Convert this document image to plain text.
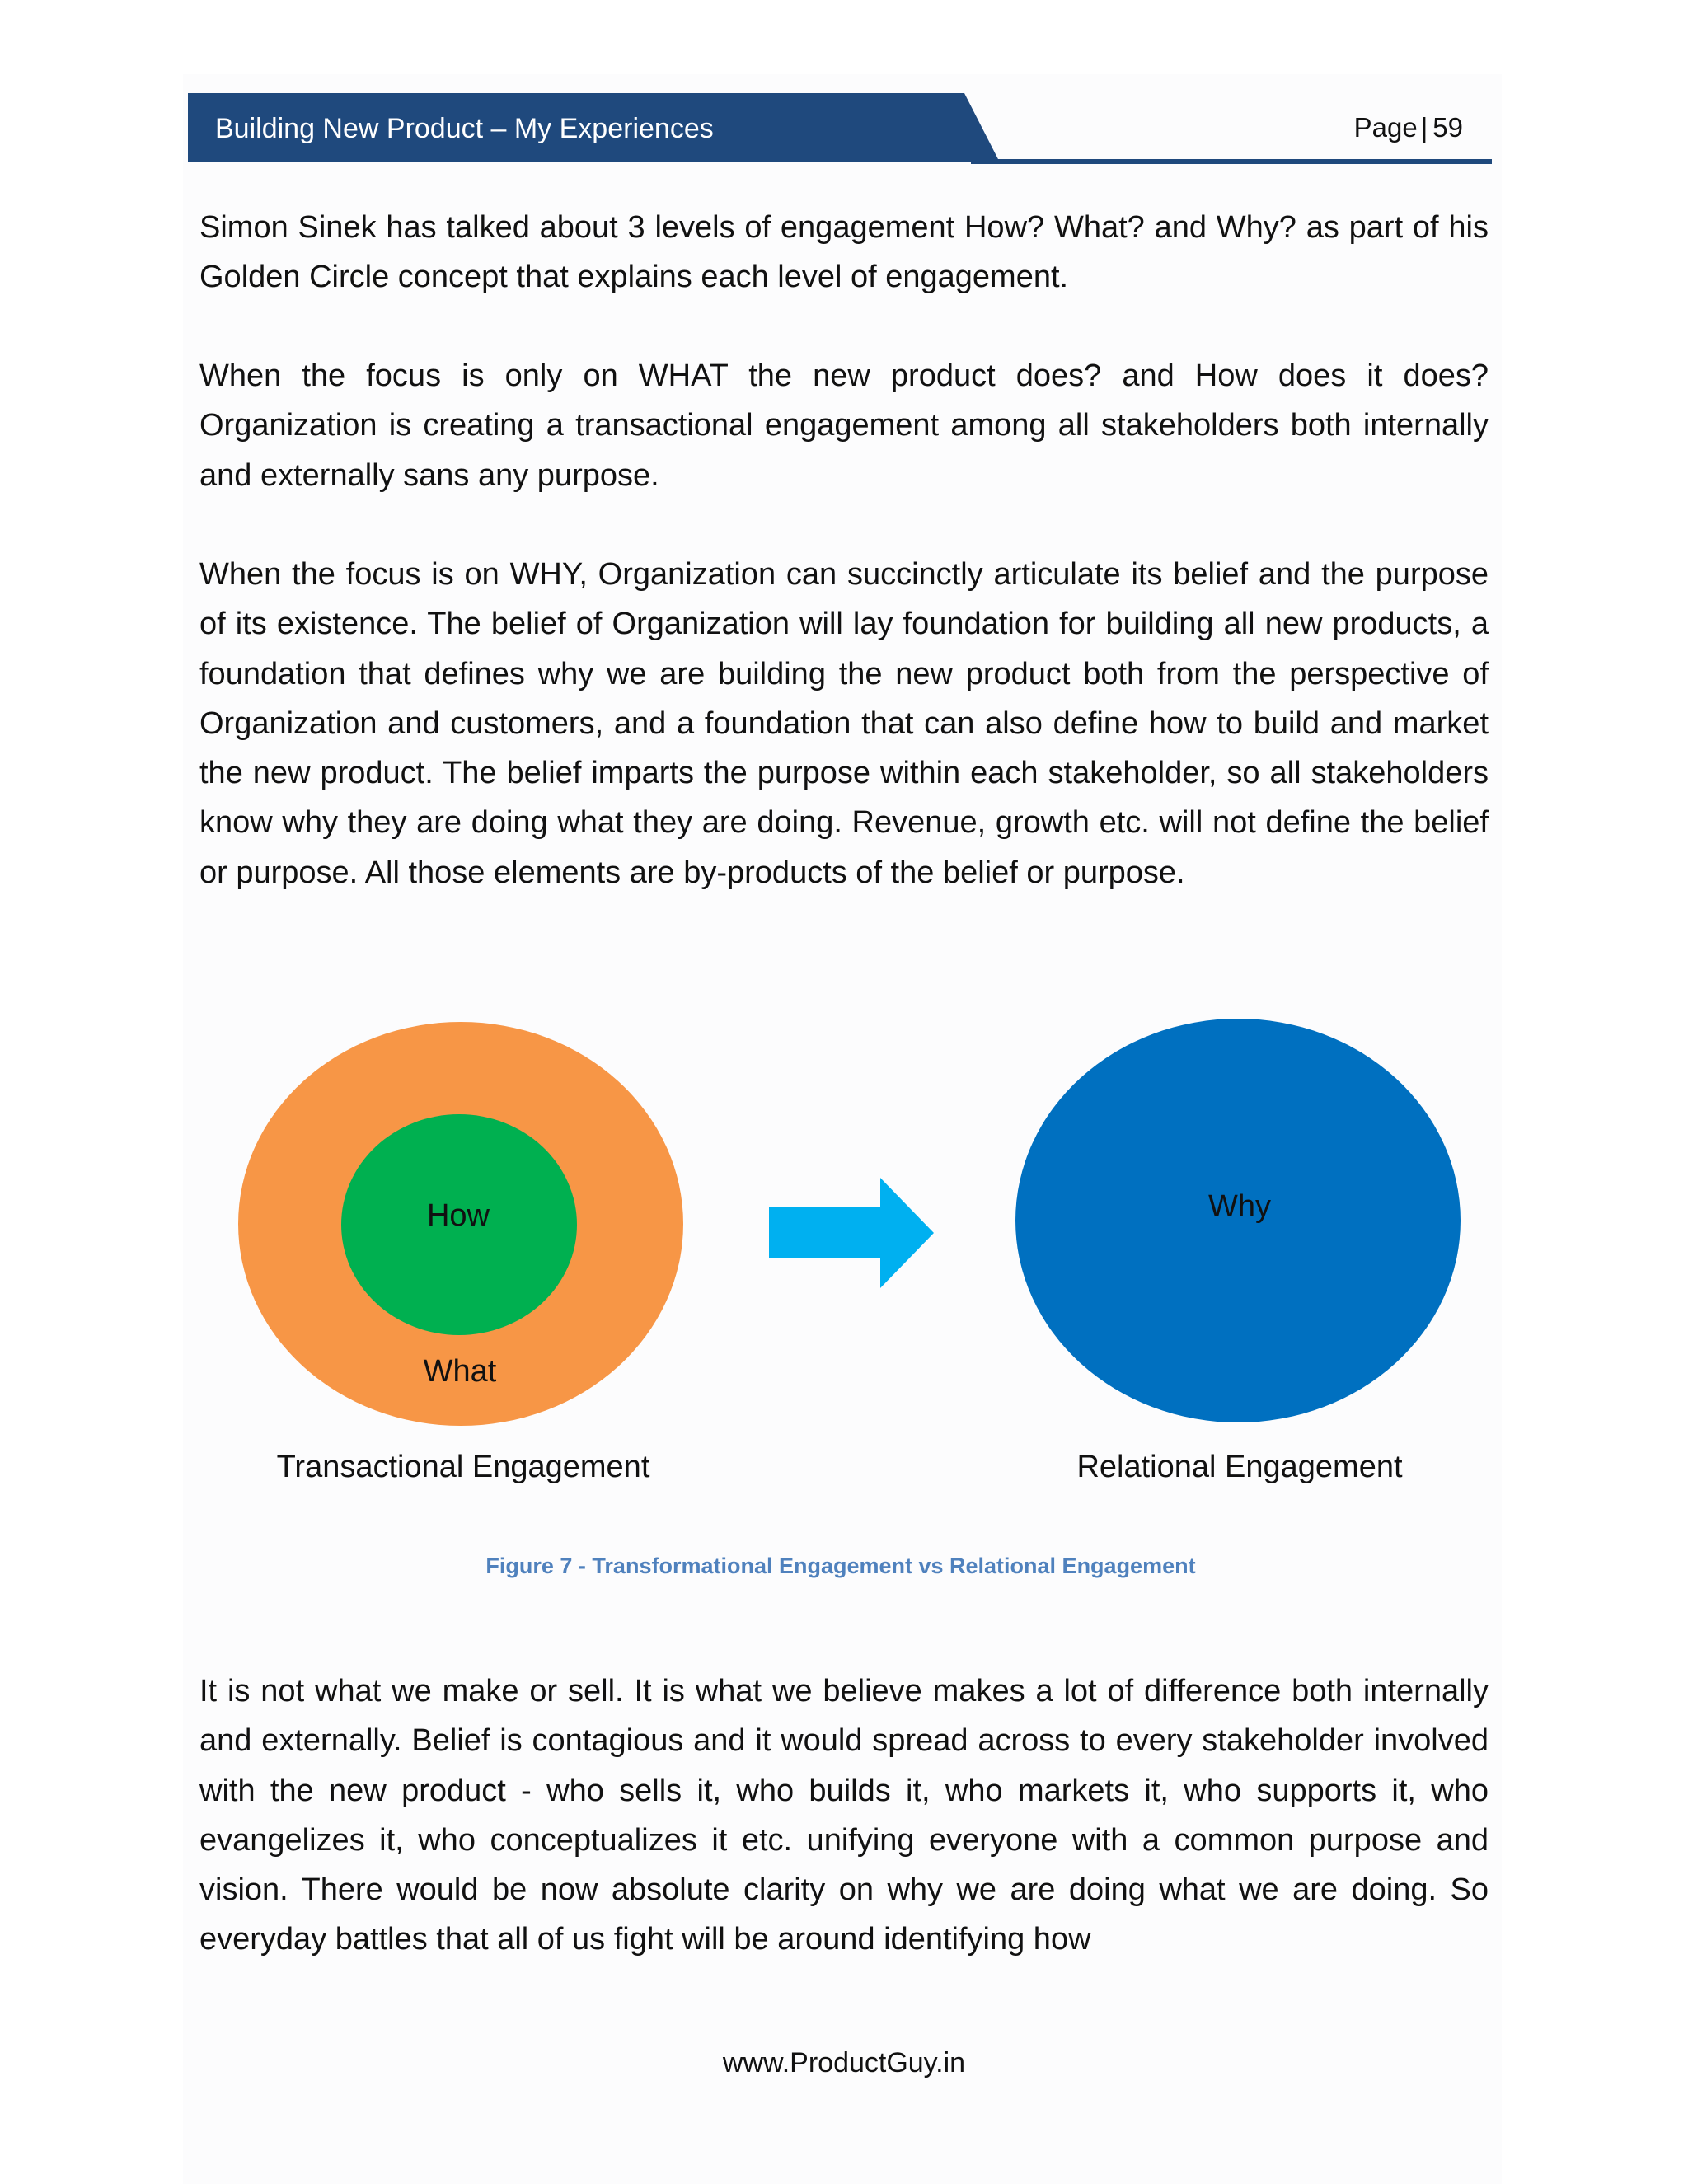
Building New Product – My Experiences	Page | 59

Simon Sinek has talked about 3 levels of engagement How? What? and Why? as part of his Golden Circle concept that explains each level of engagement.

When the focus is only on WHAT the new product does? and How does it does? Organization is creating a transactional engagement among all stakeholders both internally and externally sans any purpose.

When the focus is on WHY, Organization can succinctly articulate its belief and the purpose of its existence. The belief of Organization will lay foundation for building all new products, a foundation that defines why we are building the new product both from the perspective of Organization and customers, and a foundation that can also define how to build and market the new product. The belief imparts the purpose within each stakeholder, so all stakeholders know why they are doing what they are doing. Revenue, growth etc. will not define the belief or purpose. All those elements are by-products of the belief or purpose.

How
What
Why
Transactional Engagement	Relational Engagement
Figure 7 - Transformational Engagement vs Relational Engagement

It is not what we make or sell. It is what we believe makes a lot of difference both internally and externally. Belief is contagious and it would spread across to every stakeholder involved with the new product - who sells it, who builds it, who markets it, who supports it, who evangelizes it, who conceptualizes it etc. unifying everyone with a common purpose and vision. There would be now absolute clarity on why we are doing what we are doing. So everyday battles that all of us fight will be around identifying how

www.ProductGuy.in
